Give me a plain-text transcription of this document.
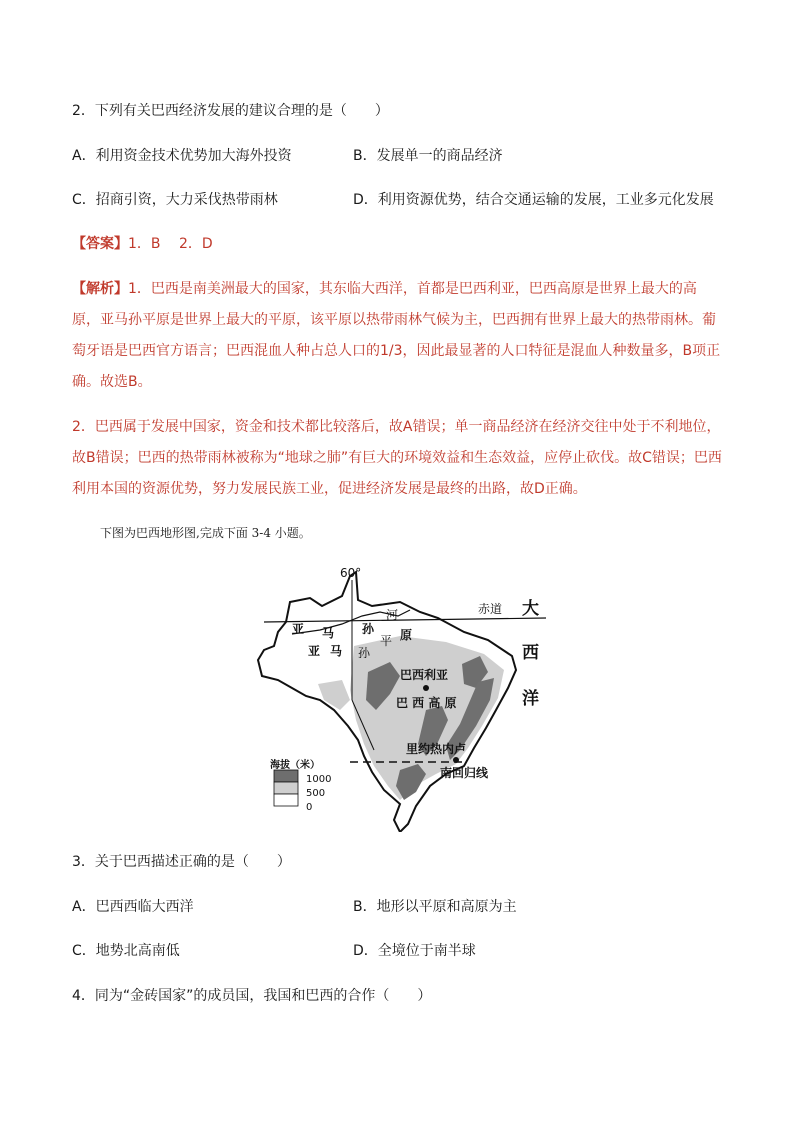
2．下列有关巴西经济发展的建议合理的是（　　）

A．利用资金技术优势加大海外投资	B．发展单一的商品经济

C．招商引资，大力采伐热带雨林	D．利用资源优势，结合交通运输的发展，工业多元化发展

【答案】1．B　 2．D

【解析】1．巴西是南美洲最大的国家，其东临大西洋，首都是巴西利亚，巴西高原是世界上最大的高原，亚马孙平原是世界上最大的平原，该平原以热带雨林气候为主，巴西拥有世界上最大的热带雨林。葡萄牙语是巴西官方语言；巴西混血人种占总人口的1/3，因此最显著的人口特征是混血人种数量多，B项正确。故选B。

2．巴西属于发展中国家，资金和技术都比较落后，故A错误；单一商品经济在经济交往中处于不利地位，故B错误；巴西的热带雨林被称为“地球之肺”有巨大的环境效益和生态效益，应停止砍伐。故C错误；巴西利用本国的资源优势，努力发展民族工业，促进经济发展是最终的出路，故D正确。

下图为巴西地形图,完成下面 3-4 小题。
60°
赤道 大
西
洋
河
亚 马 孙
平 原
亚 马 孙
巴西利亚
巴 西 高 原
里约热内卢
南回归线
海拔（米）
1000
500
0

3．关于巴西描述正确的是（　　）

A．巴西西临大西洋	B．地形以平原和高原为主

C．地势北高南低	D．全境位于南半球

4．同为“金砖国家”的成员国，我国和巴西的合作（　　）
